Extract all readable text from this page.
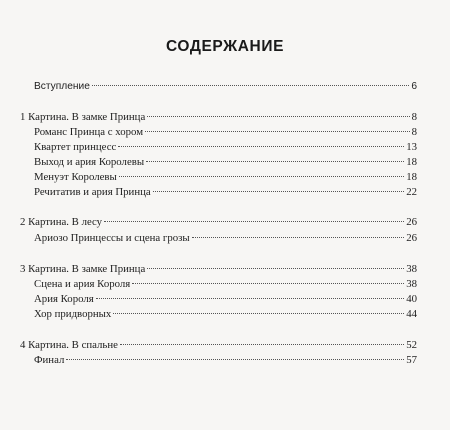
СОДЕРЖАНИЕ
Вступление	6
1 Картина. В замке Принца	8
Романс Принца с хором	8
Квартет принцесс	13
Выход и ария Королевы	18
Менуэт Королевы	18
Речитатив и ария Принца	22
2 Картина. В лесу	26
Ариозо Принцессы и сцена грозы	26
3 Картина. В замке Принца	38
Сцена и ария Короля	38
Ария Короля	40
Хор придворных	44
4 Картина. В спальне	52
Финал	57
